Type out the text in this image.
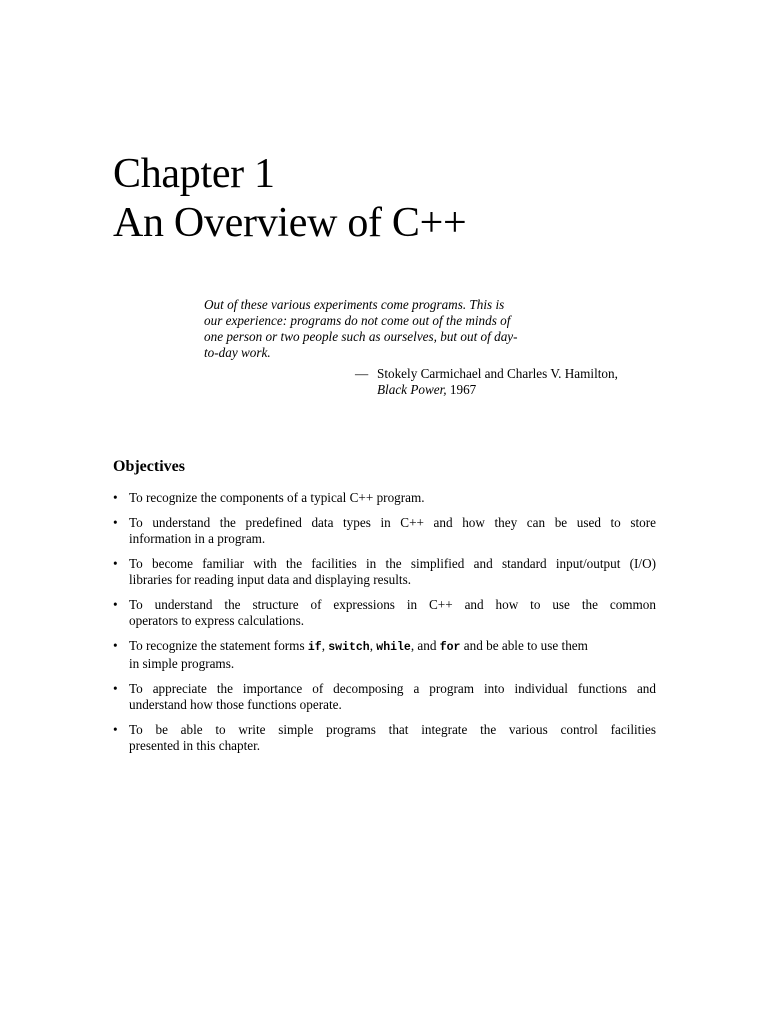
Chapter 1
An Overview of C++

Out of these various experiments come programs. This is
our experience: programs do not come out of the minds of
one person or two people such as ourselves, but out of day-
to-day work.

— Stokely Carmichael and Charles V. Hamilton,
Black Power, 1967
Objectives
• To recognize the components of a typical C++ program.
• To understand the predefined data types in C++ and how they can be used to store
information in a program.
• To become familiar with the facilities in the simplified and standard input/output (I/O)
libraries for reading input data and displaying results.
• To understand the structure of expressions in C++ and how to use the common
operators to express calculations.
• To recognize the statement forms if, switch, while, and for and be able to use them
in simple programs.
• To appreciate the importance of decomposing a program into individual functions and
understand how those functions operate.
• To be able to write simple programs that integrate the various control facilities
presented in this chapter.
